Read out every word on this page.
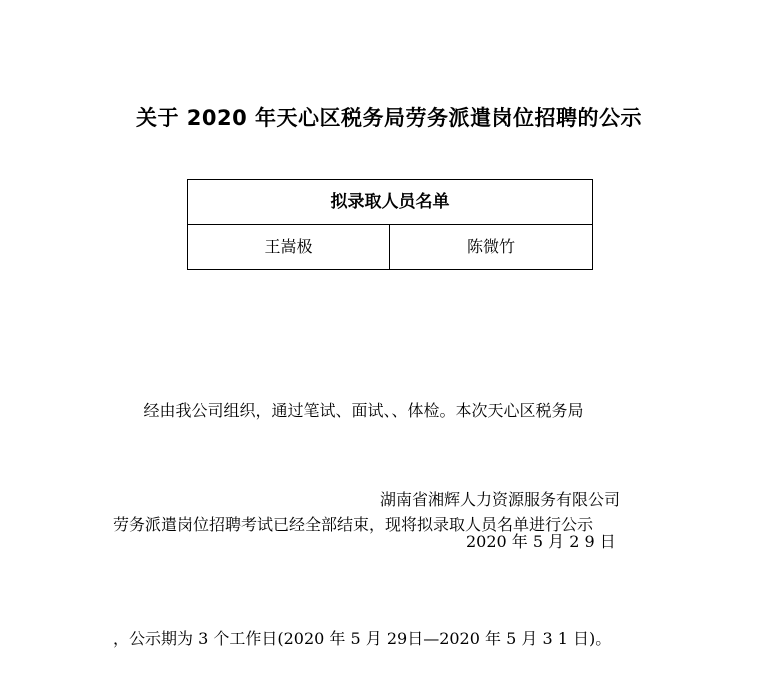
关于 2020 年天心区税务局劳务派遣岗位招聘的公示
拟录取人员名单
王嵩极	陈微竹

经由我公司组织，通过笔试、面试、、体检。本次天心区税务局

劳务派遣岗位招聘考试已经全部结束，现将拟录取人员名单进行公示

，公示期为 3 个工作日(2020 年 5 月 29日—2020 年 5 月 3 1 日)。

湖南省湘辉人力资源服务有限公司
2020 年 5 月 2 9 日
